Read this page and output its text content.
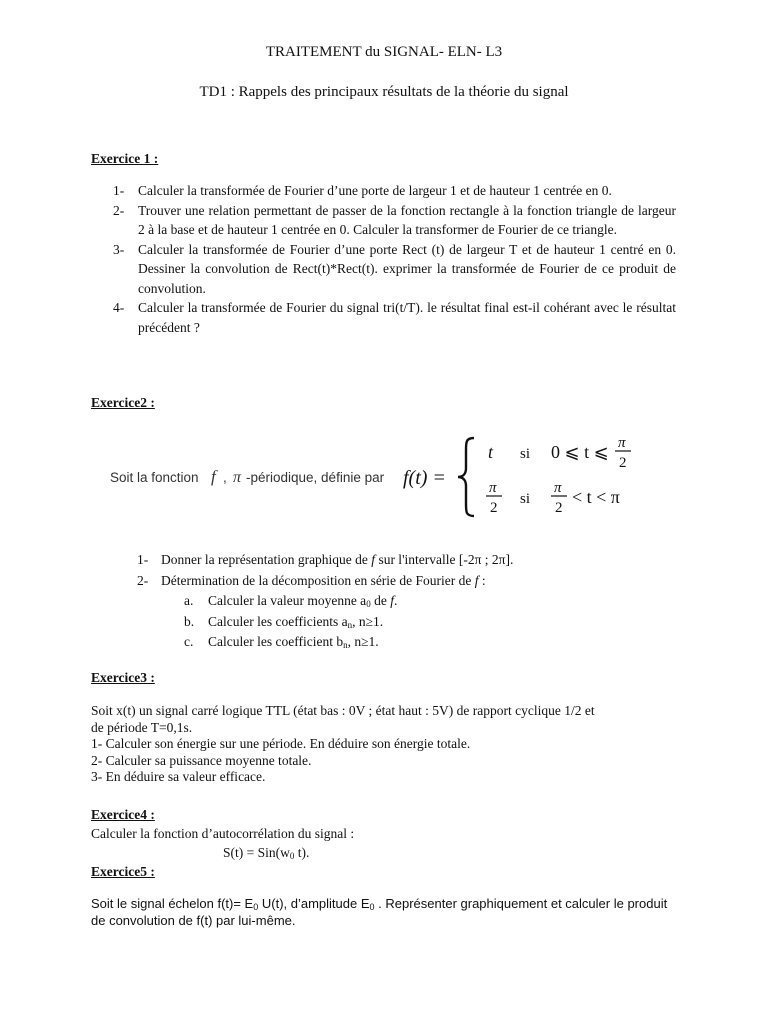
TRAITEMENT du SIGNAL- ELN- L3
TD1 : Rappels des principaux résultats de la théorie du signal
Exercice 1 :
1- Calculer la transformée de Fourier d’une porte de largeur 1 et de hauteur 1 centrée en 0.
2- Trouver une relation permettant de passer de la fonction rectangle à la fonction triangle de largeur 2 à la base et de hauteur 1 centrée en 0. Calculer la transformer de Fourier de ce triangle.
3- Calculer la transformée de Fourier d’une porte Rect (t) de largeur T et de hauteur 1 centré en 0. Dessiner la convolution de Rect(t)*Rect(t). exprimer la transformée de Fourier de ce produit de convolution.
4- Calculer la transformée de Fourier du signal tri(t/T). le résultat final est-il cohérant avec le résultat précédent ?
Exercice2 :
Soit la fonction f , π -périodique, définie par f(t) =
t si 0 ⩽ t ⩽ π
2
π
2
si
π
2
< t < π
1- Donner la représentation graphique de f sur l'intervalle [-2π ; 2π].
2- Détermination de la décomposition en série de Fourier de f :
a. Calculer la valeur moyenne $a_0$ de f.
b. Calculer les coefficients $a_n$, n≥1.
c. Calculer les coefficient $b_n$, n≥1.
Exercice3 :
Soit x(t) un signal carré logique TTL (état bas : 0V ; état haut : 5V) de rapport cyclique 1/2 et
de période T=0,1s.
1- Calculer son énergie sur une période. En déduire son énergie totale.
2- Calculer sa puissance moyenne totale.
3- En déduire sa valeur efficace.
Exercice4 :
Calculer la fonction d’autocorrélation du signal :
$S(t) = Sin(w_0$ t).
Exercice5 :
Soit le signal échelon $f(t)= E_0$ U(t), d’amplitude $E_0$ . Représenter graphiquement et calculer le produit
de convolution de f(t) par lui-même.
